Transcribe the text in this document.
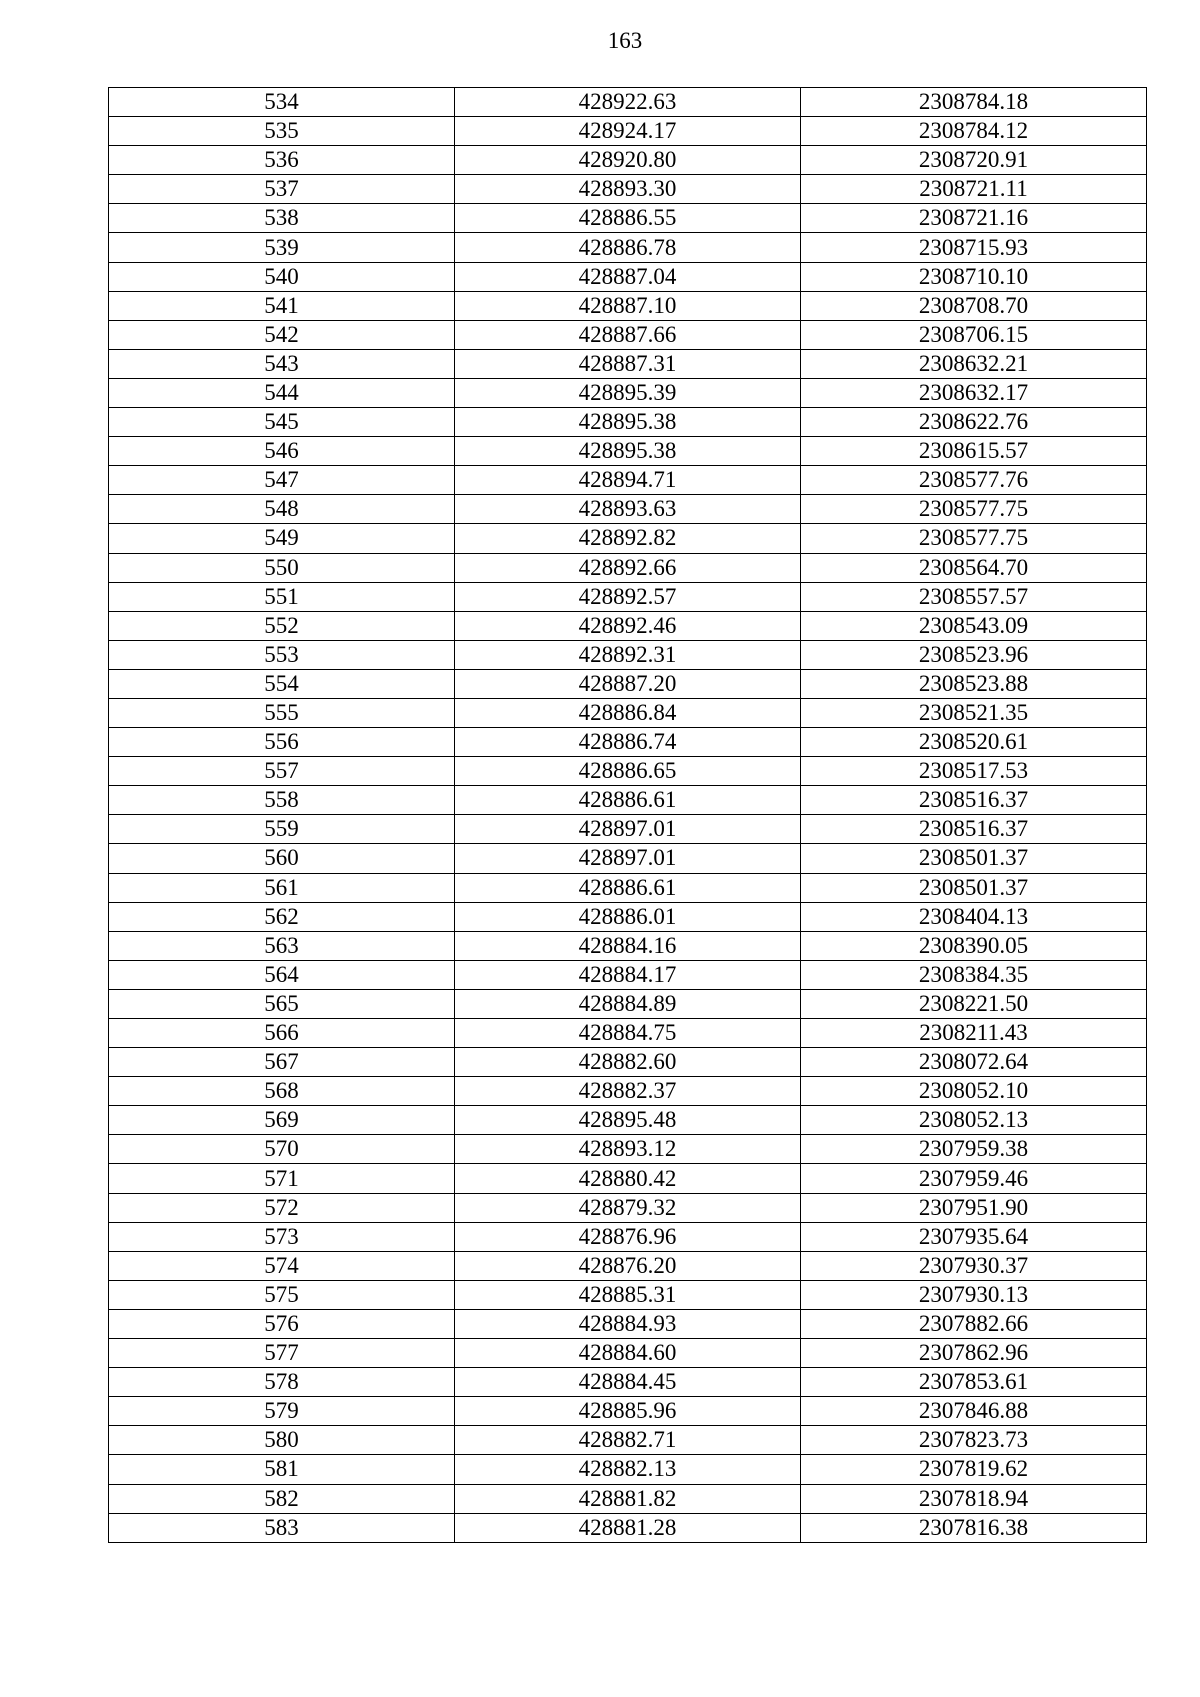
163
534	428922.63	2308784.18
535	428924.17	2308784.12
536	428920.80	2308720.91
537	428893.30	2308721.11
538	428886.55	2308721.16
539	428886.78	2308715.93
540	428887.04	2308710.10
541	428887.10	2308708.70
542	428887.66	2308706.15
543	428887.31	2308632.21
544	428895.39	2308632.17
545	428895.38	2308622.76
546	428895.38	2308615.57
547	428894.71	2308577.76
548	428893.63	2308577.75
549	428892.82	2308577.75
550	428892.66	2308564.70
551	428892.57	2308557.57
552	428892.46	2308543.09
553	428892.31	2308523.96
554	428887.20	2308523.88
555	428886.84	2308521.35
556	428886.74	2308520.61
557	428886.65	2308517.53
558	428886.61	2308516.37
559	428897.01	2308516.37
560	428897.01	2308501.37
561	428886.61	2308501.37
562	428886.01	2308404.13
563	428884.16	2308390.05
564	428884.17	2308384.35
565	428884.89	2308221.50
566	428884.75	2308211.43
567	428882.60	2308072.64
568	428882.37	2308052.10
569	428895.48	2308052.13
570	428893.12	2307959.38
571	428880.42	2307959.46
572	428879.32	2307951.90
573	428876.96	2307935.64
574	428876.20	2307930.37
575	428885.31	2307930.13
576	428884.93	2307882.66
577	428884.60	2307862.96
578	428884.45	2307853.61
579	428885.96	2307846.88
580	428882.71	2307823.73
581	428882.13	2307819.62
582	428881.82	2307818.94
583	428881.28	2307816.38
